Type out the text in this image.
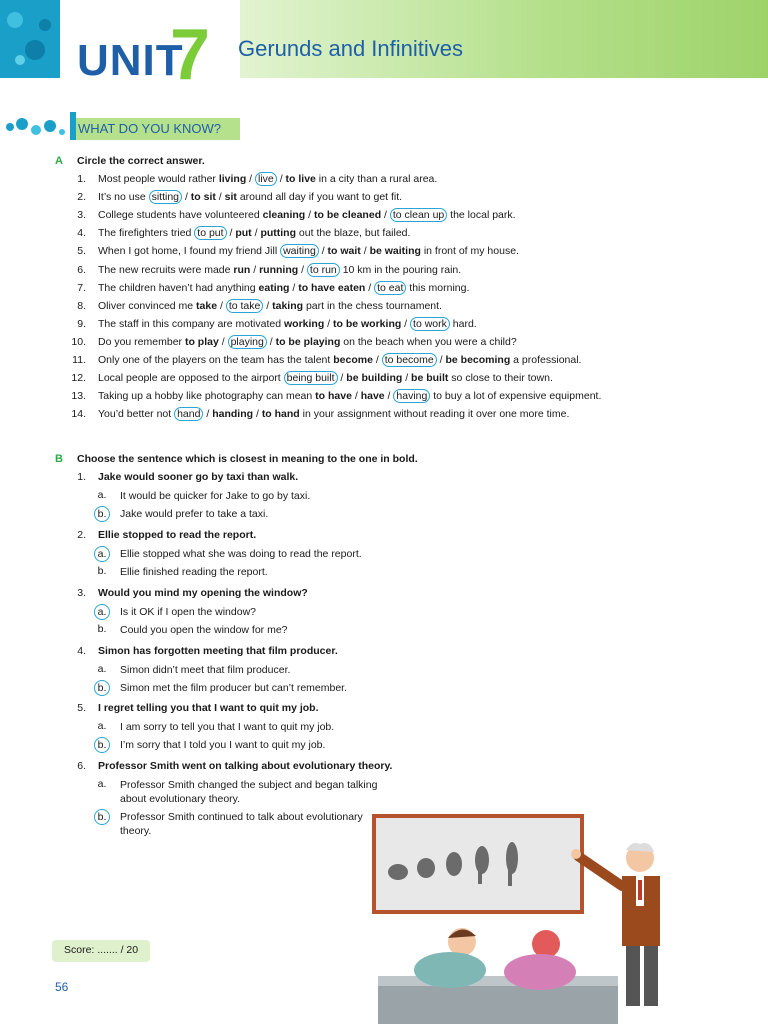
UNIT
7 Gerunds and Infinitives
WHAT DO YOU KNOW?
A Circle the correct answer.
1. Most people would rather living / live / to live in a city than a rural area.
2. It’s no use sitting / to sit / sit around all day if you want to get fit.
3. College students have volunteered cleaning / to be cleaned / to clean up the local park.
4. The firefighters tried to put / put / putting out the blaze, but failed.
5. When I got home, I found my friend Jill waiting / to wait / be waiting in front of my house.
6. The new recruits were made run / running / to run 10 km in the pouring rain.
7. The children haven’t had anything eating / to have eaten / to eat this morning.
8. Oliver convinced me take / to take / taking part in the chess tournament.
9. The staff in this company are motivated working / to be working / to work hard.
10. Do you remember to play / playing / to be playing on the beach when you were a child?
11. Only one of the players on the team has the talent become / to become / be becoming a professional.
12. Local people are opposed to the airport being built / be building / be built so close to their town.
13. Taking up a hobby like photography can mean to have / have / having to buy a lot of expensive equipment.
14. You’d better not hand / handing / to hand in your assignment without reading it over one more time.
B Choose the sentence which is closest in meaning to the one in bold.
1. Jake would sooner go by taxi than walk.
a.	It would be quicker for Jake to go by taxi.
b.	Jake would prefer to take a taxi.
2. Ellie stopped to read the report.
a.	Ellie stopped what she was doing to read the report.
b.	Ellie finished reading the report.
3. Would you mind my opening the window?
a.	Is it OK if I open the window?
b.	Could you open the window for me?
4. Simon has forgotten meeting that film producer.
a.	Simon didn’t meet that film producer.
b.	Simon met the film producer but can’t remember.
5. I regret telling you that I want to quit my job.
a.	I am sorry to tell you that I want to quit my job.
b.	I’m sorry that I told you I want to quit my job.
6. Professor Smith went on talking about evolutionary theory.
a.	Professor Smith changed the subject and began talking about evolutionary theory.
b.	Professor Smith continued to talk about evolutionary theory.
Score: ....... / 20
56
